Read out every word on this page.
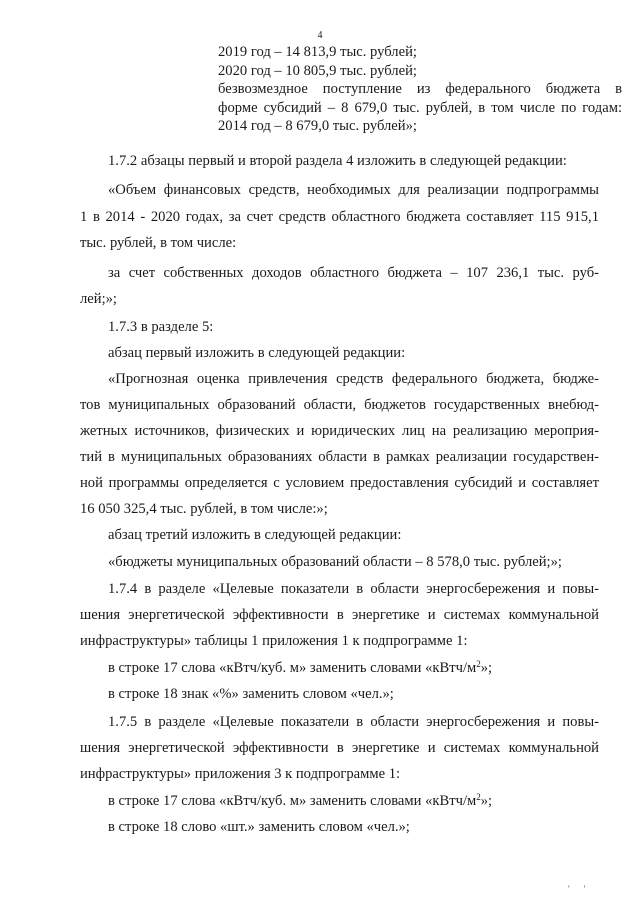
4

2019 год – 14 813,9 тыс. рублей;

2020 год – 10 805,9 тыс. рублей;

безвозмездное поступление из федерального бюджета в

форме субсидий – 8 679,0 тыс. рублей, в том числе по годам:

2014 год – 8 679,0 тыс. рублей»;

1.7.2 абзацы первый и второй раздела 4 изложить в следующей редакции:
«Объем финансовых средств, необходимых для реализации подпрограммы
1 в 2014 - 2020 годах, за счет средств областного бюджета составляет 115 915,1
тыс. рублей, в том числе:
за счет собственных доходов областного бюджета – 107 236,1 тыс. руб-
лей;»;
1.7.3 в разделе 5:
абзац первый изложить в следующей редакции:
«Прогнозная оценка привлечения средств федерального бюджета, бюдже-
тов муниципальных образований области, бюджетов государственных внебюд-
жетных источников, физических и юридических лиц на реализацию мероприя-
тий в муниципальных образованиях области в рамках реализации государствен-
ной программы определяется с условием предоставления субсидий и составляет
16 050 325,4 тыс. рублей, в том числе:»;
абзац третий изложить в следующей редакции:
«бюджеты муниципальных образований области – 8 578,0 тыс. рублей;»;
1.7.4 в разделе «Целевые показатели в области энергосбережения и повы-
шения энергетической эффективности в энергетике и системах коммунальной
инфраструктуры» таблицы 1 приложения 1 к подпрограмме 1:
в строке 17 слова «кВтч/куб. м» заменить словами «$кВтч/м^2$»;
в строке 18 знак «%» заменить словом «чел.»;
1.7.5 в разделе «Целевые показатели в области энергосбережения и повы-
шения энергетической эффективности в энергетике и системах коммунальной
инфраструктуры» приложения 3 к подпрограмме 1:
в строке 17 слова «кВтч/куб. м» заменить словами «$кВтч/м^2$»;
в строке 18 слово «шт.» заменить словом «чел.»;
' '
